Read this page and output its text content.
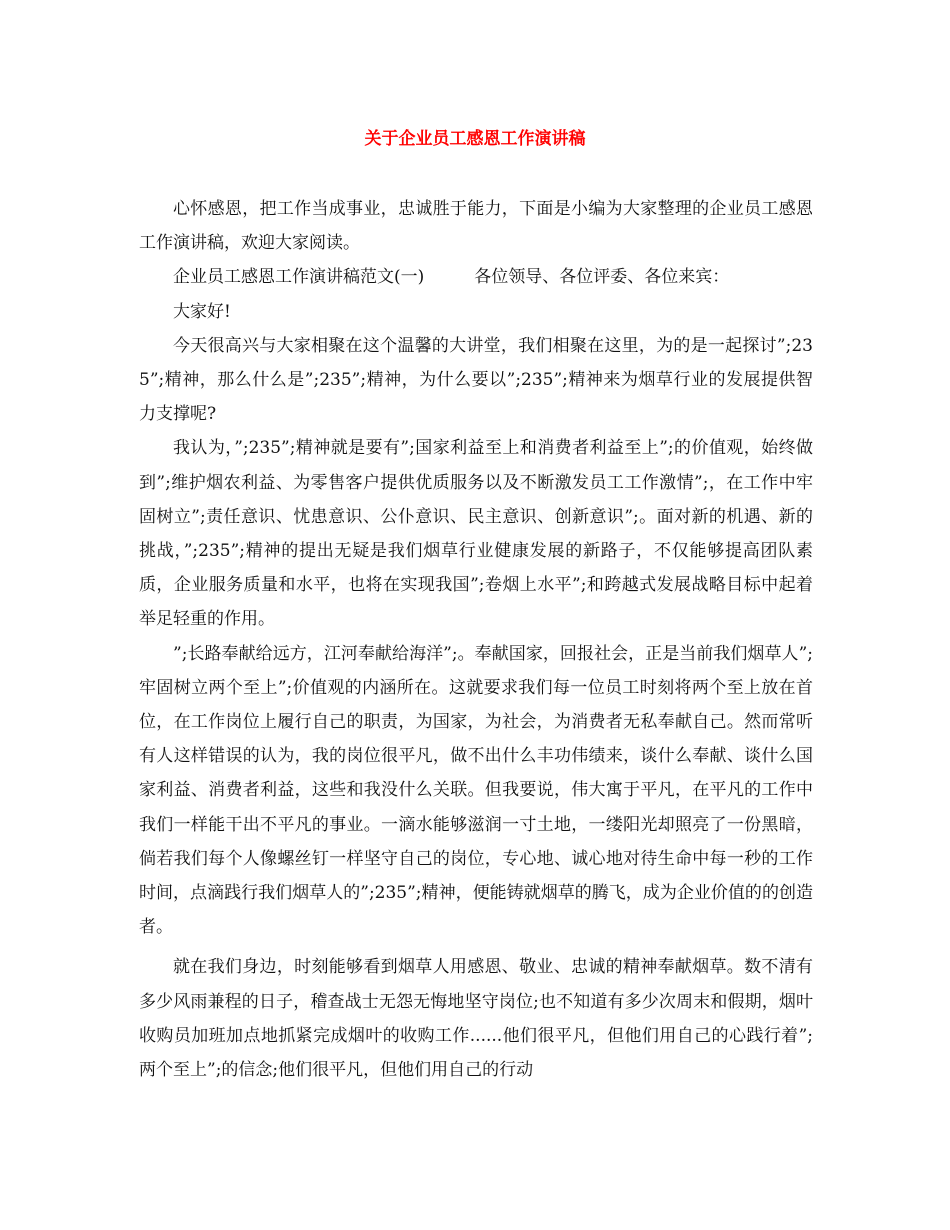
关于企业员工感恩工作演讲稿

心怀感恩，把工作当成事业，忠诚胜于能力，下面是小编为大家整理的企业员工感恩工作演讲稿，欢迎大家阅读。

企业员工感恩工作演讲稿范文(一)	各位领导、各位评委、各位来宾：

大家好!

今天很高兴与大家相聚在这个温馨的大讲堂，我们相聚在这里，为的是一起探讨”;235”;精神，那么什么是”;235”;精神，为什么要以”;235”;精神来为烟草行业的发展提供智力支撑呢?

我认为，”;235”;精神就是要有”;国家利益至上和消费者利益至上”;的价值观，始终做到”;维护烟农利益、为零售客户提供优质服务以及不断激发员工工作激情”;，在工作中牢固树立”;责任意识、忧患意识、公仆意识、民主意识、创新意识”;。面对新的机遇、新的挑战，”;235”;精神的提出无疑是我们烟草行业健康发展的新路子，不仅能够提高团队素质，企业服务质量和水平，也将在实现我国”;卷烟上水平”;和跨越式发展战略目标中起着举足轻重的作用。

”;长路奉献给远方，江河奉献给海洋”;。奉献国家，回报社会，正是当前我们烟草人”;牢固树立两个至上”;价值观的内涵所在。这就要求我们每一位员工时刻将两个至上放在首位，在工作岗位上履行自己的职责，为国家，为社会，为消费者无私奉献自己。然而常听有人这样错误的认为，我的岗位很平凡，做不出什么丰功伟绩来，谈什么奉献、谈什么国家利益、消费者利益，这些和我没什么关联。但我要说，伟大寓于平凡，在平凡的工作中我们一样能干出不平凡的事业。一滴水能够滋润一寸土地，一缕阳光却照亮了一份黑暗，倘若我们每个人像螺丝钉一样坚守自己的岗位，专心地、诚心地对待生命中每一秒的工作时间，点滴践行我们烟草人的”;235”;精神，便能铸就烟草的腾飞，成为企业价值的的创造者。

就在我们身边，时刻能够看到烟草人用感恩、敬业、忠诚的精神奉献烟草。数不清有多少风雨兼程的日子，稽查战士无怨无悔地坚守岗位;也不知道有多少次周末和假期，烟叶收购员加班加点地抓紧完成烟叶的收购工作......他们很平凡，但他们用自己的心践行着”;两个至上”;的信念;他们很平凡，但他们用自己的行动
